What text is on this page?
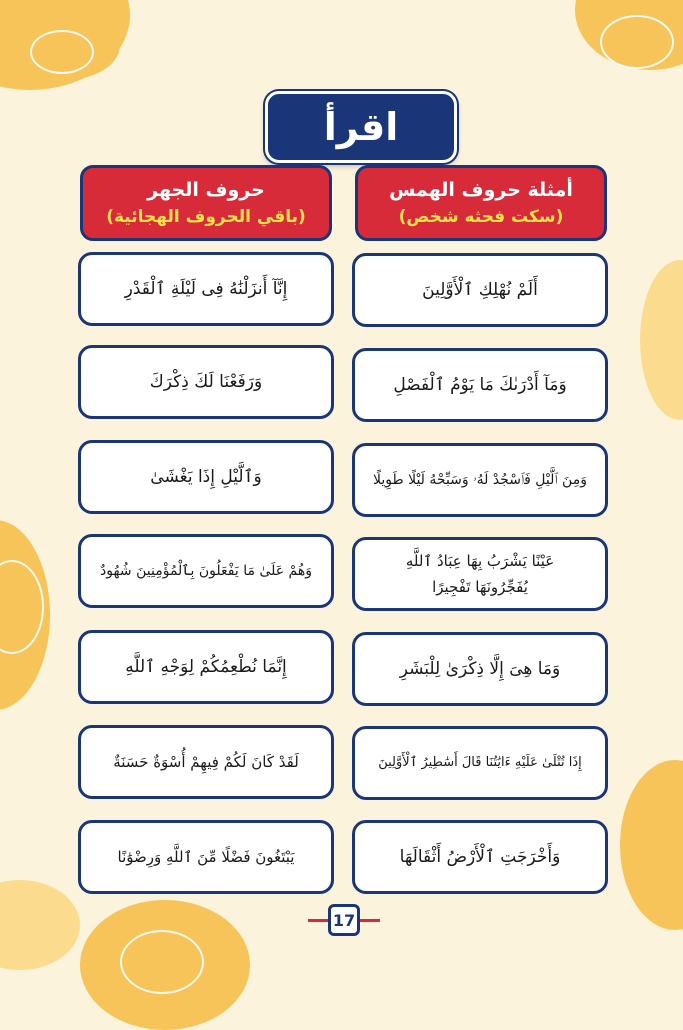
اقرأ
أمثلة حروف الهمس
(سكت فحثه شخص)
حروف الجهر
(باقي الحروف الهجائية)
أَلَمْ نُهْلِكِ ٱلْأَوَّلِينَ
وَمَآ أَدْرَىٰكَ مَا يَوْمُ ٱلْفَصْلِ
وَمِنَ ٱلَّيْلِ فَٱسْجُدْ لَهُۥ وَسَبِّحْهُ لَيْلًا طَوِيلًا
عَيْنًا يَشْرَبُ بِهَا عِبَادُ ٱللَّهِ
يُفَجِّرُونَهَا تَفْجِيرًا
وَمَا هِىَ إِلَّا ذِكْرَىٰ لِلْبَشَرِ
إِذَا تُتْلَىٰ عَلَيْهِ ءَايَٰتُنَا قَالَ أَسَٰطِيرُ ٱلْأَوَّلِينَ
وَأَخْرَجَتِ ٱلْأَرْضُ أَثْقَالَهَا
إِنَّآ أَنزَلْنَٰهُ فِى لَيْلَةِ ٱلْقَدْرِ
وَرَفَعْنَا لَكَ ذِكْرَكَ
وَٱلَّيْلِ إِذَا يَغْشَىٰ
وَهُمْ عَلَىٰ مَا يَفْعَلُونَ بِٱلْمُؤْمِنِينَ شُهُودٌ
إِنَّمَا نُطْعِمُكُمْ لِوَجْهِ ٱللَّهِ
لَقَدْ كَانَ لَكُمْ فِيهِمْ أُسْوَةٌ حَسَنَةٌ
يَبْتَغُونَ فَضْلًا مِّنَ ٱللَّهِ وَرِضْوَٰنًا
17
